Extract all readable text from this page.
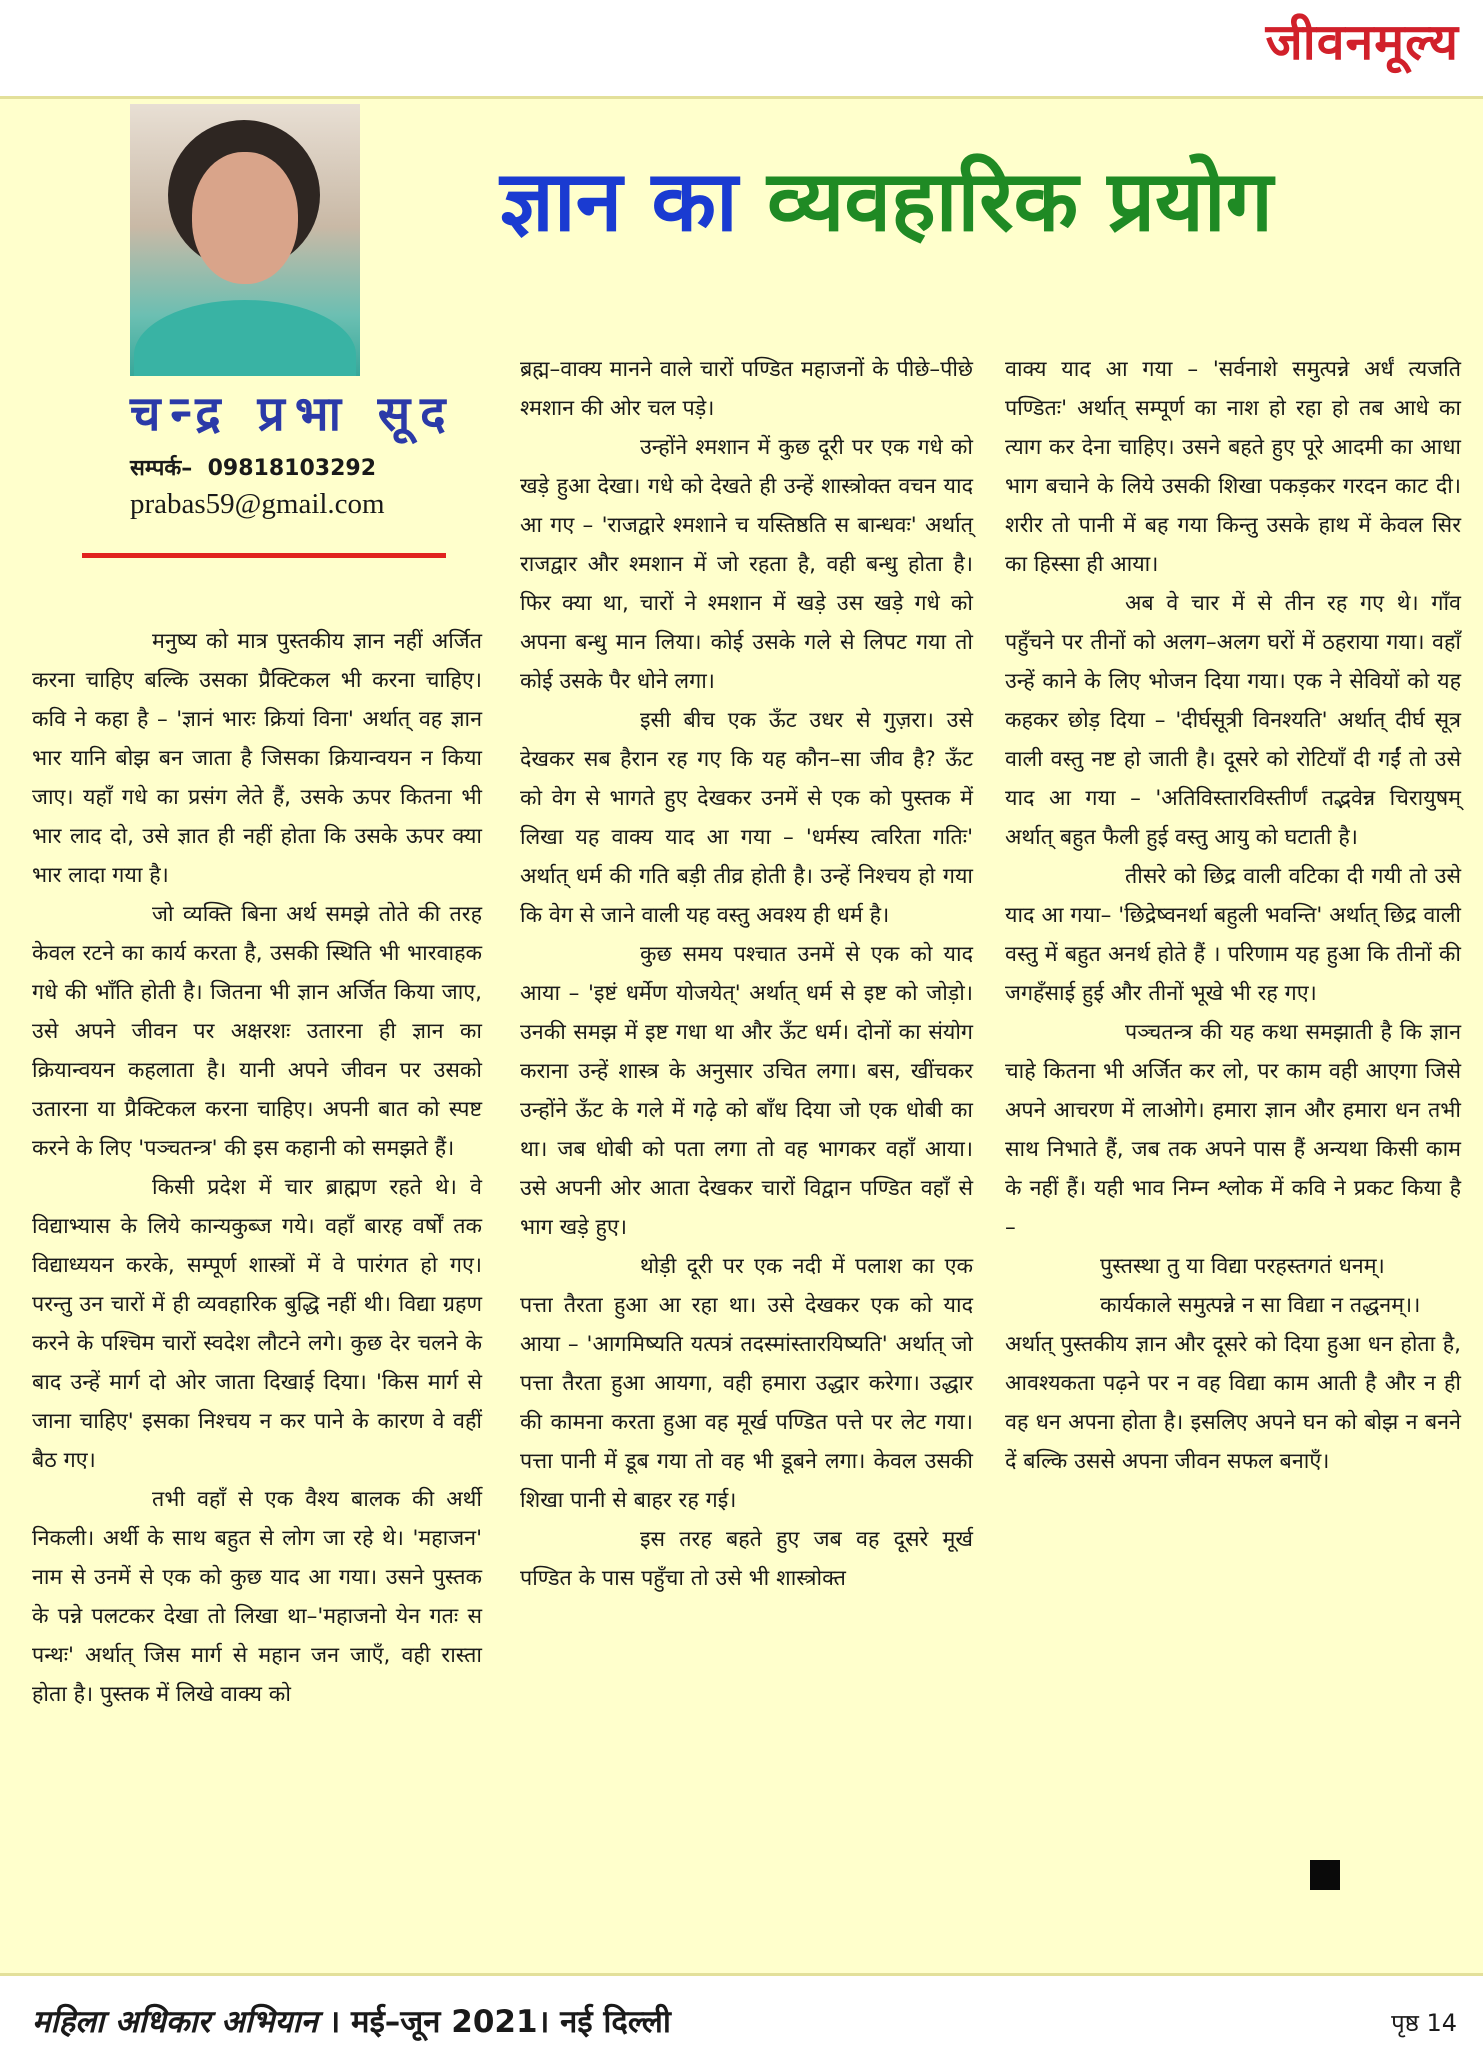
जीवनमूल्य
ज्ञान का व्यवहारिक प्रयोग
चन्द्र प्रभा सूद
सम्पर्क– 09818103292
prabas59@gmail.com

मनुष्य को मात्र पुस्तकीय ज्ञान नहीं अर्जित करना चाहिए बल्कि उसका प्रैक्टिकल भी करना चाहिए। कवि ने कहा है – 'ज्ञानं भारः क्रियां विना' अर्थात् वह ज्ञान भार यानि बोझ बन जाता है जिसका क्रियान्वयन न किया जाए। यहाँ गधे का प्रसंग लेते हैं, उसके ऊपर कितना भी भार लाद दो, उसे ज्ञात ही नहीं होता कि उसके ऊपर क्या भार लादा गया है।

जो व्यक्ति बिना अर्थ समझे तोते की तरह केवल रटने का कार्य करता है, उसकी स्थिति भी भारवाहक गधे की भाँति होती है। जितना भी ज्ञान अर्जित किया जाए, उसे अपने जीवन पर अक्षरशः उतारना ही ज्ञान का क्रियान्वयन कहलाता है। यानी अपने जीवन पर उसको उतारना या प्रैक्टिकल करना चाहिए। अपनी बात को स्पष्ट करने के लिए 'पञ्चतन्त्र' की इस कहानी को समझते हैं।

किसी प्रदेश में चार ब्राह्मण रहते थे। वे विद्याभ्यास के लिये कान्यकुब्ज गये। वहाँ बारह वर्षों तक विद्याध्ययन करके, सम्पूर्ण शास्त्रों में वे पारंगत हो गए। परन्तु उन चारों में ही व्यवहारिक बुद्धि नहीं थी। विद्या ग्रहण करने के पश्चिम चारों स्वदेश लौटने लगे। कुछ देर चलने के बाद उन्हें मार्ग दो ओर जाता दिखाई दिया। 'किस मार्ग से जाना चाहिए' इसका निश्चय न कर पाने के कारण वे वहीं बैठ गए।

तभी वहाँ से एक वैश्य बालक की अर्थी निकली। अर्थी के साथ बहुत से लोग जा रहे थे। 'महाजन' नाम से उनमें से एक को कुछ याद आ गया। उसने पुस्तक के पन्ने पलटकर देखा तो लिखा था–'महाजनो येन गतः स पन्थः' अर्थात् जिस मार्ग से महान जन जाएँ, वही रास्ता होता है। पुस्तक में लिखे वाक्य को

ब्रह्म–वाक्य मानने वाले चारों पण्डित महाजनों के पीछे–पीछे श्मशान की ओर चल पड़े।

उन्होंने श्मशान में कुछ दूरी पर एक गधे को खड़े हुआ देखा। गधे को देखते ही उन्हें शास्त्रोक्त वचन याद आ गए – 'राजद्वारे श्मशाने च यस्तिष्ठति स बान्धवः' अर्थात् राजद्वार और श्मशान में जो रहता है, वही बन्धु होता है। फिर क्या था, चारों ने श्मशान में खड़े उस खड़े गधे को अपना बन्धु मान लिया। कोई उसके गले से लिपट गया तो कोई उसके पैर धोने लगा।

इसी बीच एक ऊँट उधर से गुज़रा। उसे देखकर सब हैरान रह गए कि यह कौन–सा जीव है? ऊँट को वेग से भागते हुए देखकर उनमें से एक को पुस्तक में लिखा यह वाक्य याद आ गया – 'धर्मस्य त्वरिता गतिः' अर्थात् धर्म की गति बड़ी तीव्र होती है। उन्हें निश्चय हो गया कि वेग से जाने वाली यह वस्तु अवश्य ही धर्म है।

कुछ समय पश्चात उनमें से एक को याद आया – 'इष्टं धर्मेण योजयेत्' अर्थात् धर्म से इष्ट को जोड़ो। उनकी समझ में इष्ट गधा था और ऊँट धर्म। दोनों का संयोग कराना उन्हें शास्त्र के अनुसार उचित लगा। बस, खींचकर उन्होंने ऊँट के गले में गढ़े को बाँध दिया जो एक धोबी का था। जब धोबी को पता लगा तो वह भागकर वहाँ आया। उसे अपनी ओर आता देखकर चारों विद्वान पण्डित वहाँ से भाग खड़े हुए।

थोड़ी दूरी पर एक नदी में पलाश का एक पत्ता तैरता हुआ आ रहा था। उसे देखकर एक को याद आया – 'आगमिष्यति यत्पत्रं तदस्मांस्तारयिष्यति' अर्थात् जो पत्ता तैरता हुआ आयगा, वही हमारा उद्धार करेगा। उद्धार की कामना करता हुआ वह मूर्ख पण्डित पत्ते पर लेट गया। पत्ता पानी में डूब गया तो वह भी डूबने लगा। केवल उसकी शिखा पानी से बाहर रह गई।

इस तरह बहते हुए जब वह दूसरे मूर्ख पण्डित के पास पहुँचा तो उसे भी शास्त्रोक्त

वाक्य याद आ गया – 'सर्वनाशे समुत्पन्ने अर्धं त्यजति पण्डितः' अर्थात् सम्पूर्ण का नाश हो रहा हो तब आधे का त्याग कर देना चाहिए। उसने बहते हुए पूरे आदमी का आधा भाग बचाने के लिये उसकी शिखा पकड़कर गरदन काट दी। शरीर तो पानी में बह गया किन्तु उसके हाथ में केवल सिर का हिस्सा ही आया।

अब वे चार में से तीन रह गए थे। गाँव पहुँचने पर तीनों को अलग–अलग घरों में ठहराया गया। वहाँ उन्हें काने के लिए भोजन दिया गया। एक ने सेवियों को यह कहकर छोड़ दिया – 'दीर्घसूत्री विनश्यति' अर्थात् दीर्घ सूत्र वाली वस्तु नष्ट हो जाती है। दूसरे को रोटियाँ दी गईं तो उसे याद आ गया – 'अतिविस्तारविस्तीर्णं तद्भवेन्न चिरायुषम् अर्थात् बहुत फैली हुई वस्तु आयु को घटाती है।

तीसरे को छिद्र वाली वटिका दी गयी तो उसे याद आ गया– 'छिद्रेष्वनर्था बहुली भवन्ति' अर्थात् छिद्र वाली वस्तु में बहुत अनर्थ होते हैं । परिणाम यह हुआ कि तीनों की जगहँसाई हुई और तीनों भूखे भी रह गए।

पञ्चतन्त्र की यह कथा समझाती है कि ज्ञान चाहे कितना भी अर्जित कर लो, पर काम वही आएगा जिसे अपने आचरण में लाओगे। हमारा ज्ञान और हमारा धन तभी साथ निभाते हैं, जब तक अपने पास हैं अन्यथा किसी काम के नहीं हैं। यही भाव निम्न श्लोक में कवि ने प्रकट किया है –

पुस्तस्था तु या विद्या परहस्तगतं धनम्।

कार्यकाले समुत्पन्ने न सा विद्या न तद्धनम्।।

अर्थात् पुस्तकीय ज्ञान और दूसरे को दिया हुआ धन होता है, आवश्यकता पढ़ने पर न वह विद्या काम आती है और न ही वह धन अपना होता है। इसलिए अपने घन को बोझ न बनने दें बल्कि उससे अपना जीवन सफल बनाएँ।

महिला अधिकार अभियान । मई–जून 2021। नई दिल्ली	पृष्ठ 14
